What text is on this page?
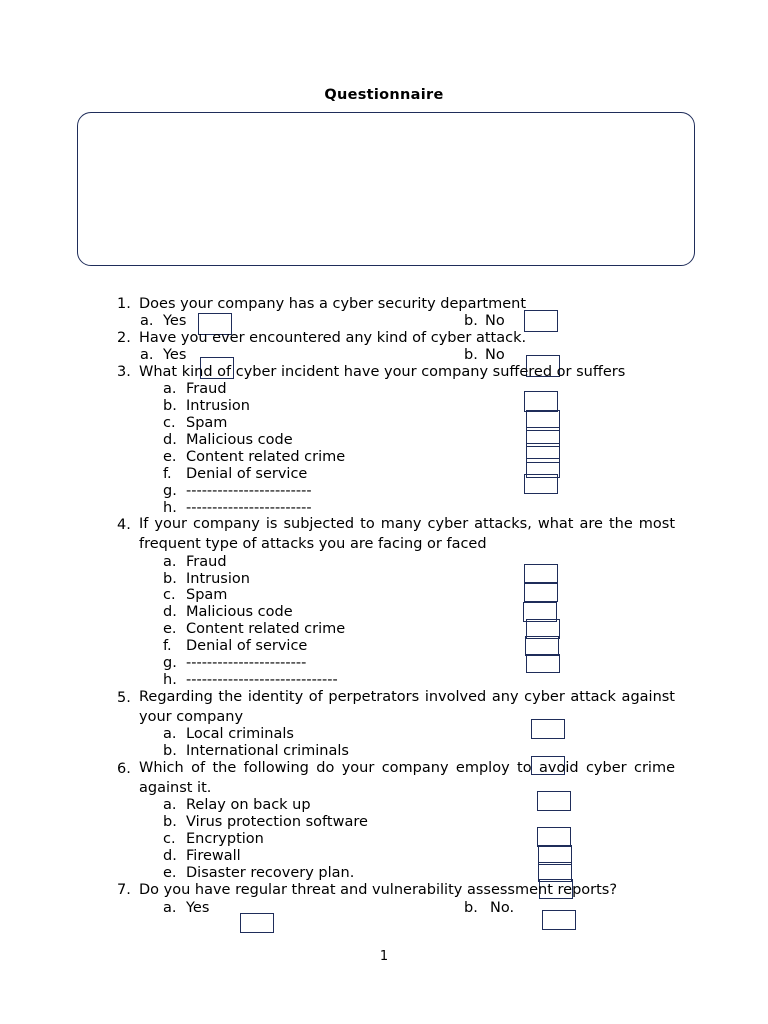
Questionnaire
1. Does your company has a cyber security department
a. Yes	b. No
2. Have you ever encountered any kind of cyber attack.
a. Yes	b. No
3. What kind of cyber incident have your company suffered or suffers
a. Fraud
b. Intrusion
c. Spam
d. Malicious code
e. Content related crime
f. Denial of service
g. ------------------------
h. ------------------------
4. If your company is subjected to many cyber attacks, what are the most frequent type of attacks you are facing or faced
a. Fraud
b. Intrusion
c. Spam
d. Malicious code
e. Content related crime
f. Denial of service
g. -----------------------
h. -----------------------------
5. Regarding the identity of perpetrators involved any cyber attack against your company
a. Local criminals
b. International criminals
6. Which of the following do your company employ to avoid cyber crime against it.
a. Relay on back up
b. Virus protection software
c. Encryption
d. Firewall
e. Disaster recovery plan.
7. Do you have regular threat and vulnerability assessment reports?
a. Yes	b. No.
1
